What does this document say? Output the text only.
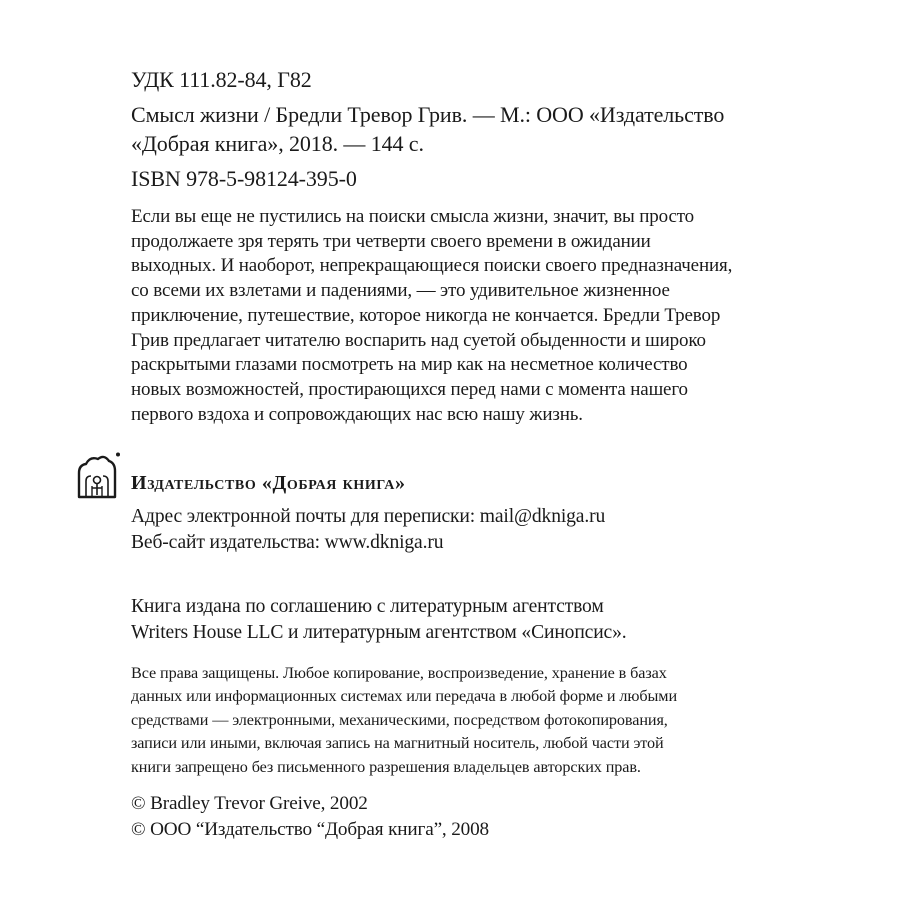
УДК 111.82-84, Г82
Смысл жизни / Бредли Тревор Грив. — М.: ООО «Издательство
«Добрая книга», 2018. — 144 с.
ISBN 978-5-98124-395-0
Если вы еще не пустились на поиски смысла жизни, значит, вы просто
продолжаете зря терять три четверти своего времени в ожидании
выходных. И наоборот, непрекращающиеся поиски своего предназначения,
со всеми их взлетами и падениями, — это удивительное жизненное
приключение, путешествие, которое никогда не кончается. Бредли Тревор
Грив предлагает читателю воспарить над суетой обыденности и широко
раскрытыми глазами посмотреть на мир как на несметное количество
новых возможностей, простирающихся перед нами с момента нашего
первого вздоха и сопровождающих нас всю нашу жизнь.
Издательство «Добрая книга»
Адрес электронной почты для переписки: mail@dkniga.ru
Веб-сайт издательства: www.dkniga.ru
Книга издана по соглашению с литературным агентством
Writers House LLC и литературным агентством «Синопсис».
Все права защищены. Любое копирование, воспроизведение, хранение в базах
данных или информационных системах или передача в любой форме и любыми
средствами — электронными, механическими, посредством фотокопирования,
записи или иными, включая запись на магнитный носитель, любой части этой
книги запрещено без письменного разрешения владельцев авторских прав.
© Bradley Trevor Greive, 2002
© ООО “Издательство “Добрая книга”, 2008
